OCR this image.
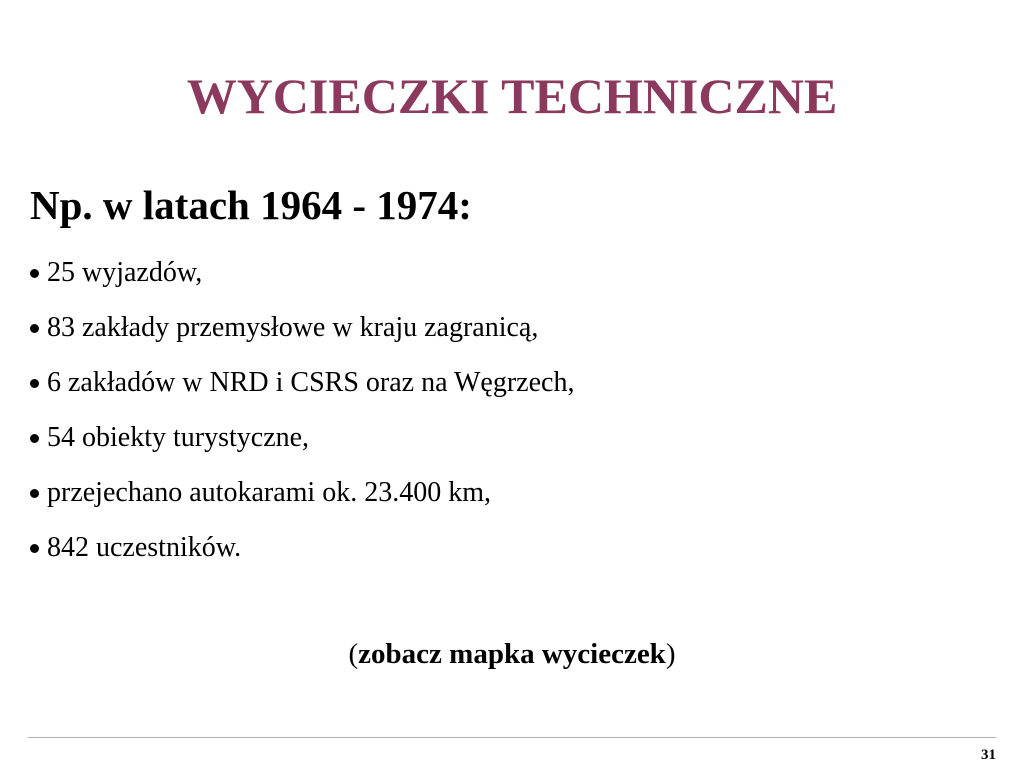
WYCIECZKI TECHNICZNE
Np. w latach 1964 - 1974:
25 wyjazdów,
83 zakłady przemysłowe w kraju zagranicą,
6 zakładów w NRD i CSRS oraz na Węgrzech,
54 obiekty turystyczne,
przejechano autokarami ok. 23.400 km,
842 uczestników.
(zobacz mapka wycieczek)
31
